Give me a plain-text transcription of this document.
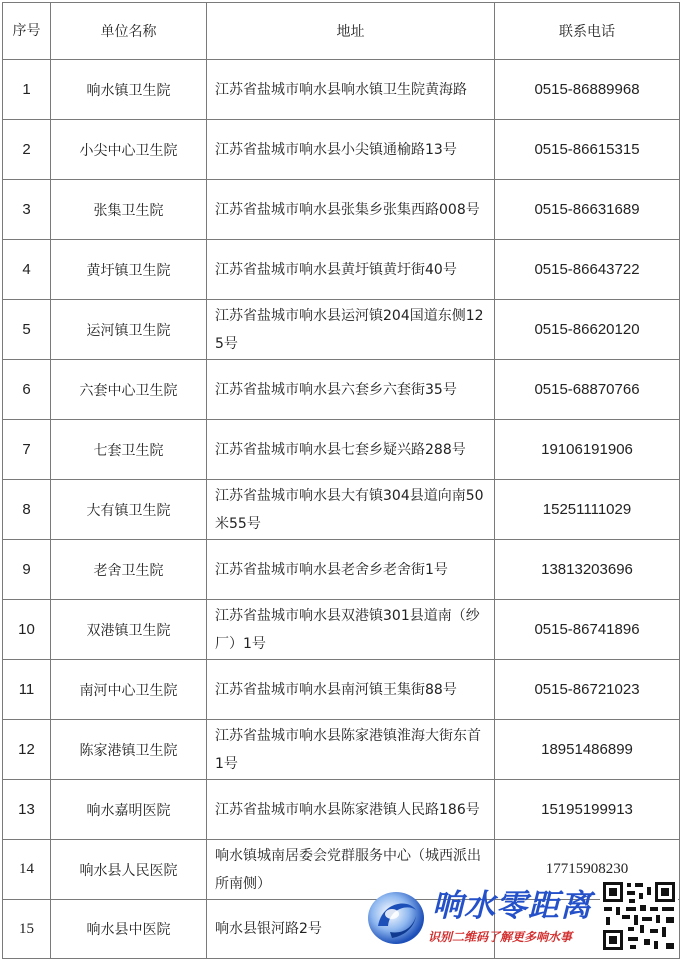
序号	单位名称	地址	联系电话
1	响水镇卫生院	江苏省盐城市响水县响水镇卫生院黄海路	0515-86889968
2	小尖中心卫生院	江苏省盐城市响水县小尖镇通榆路13号	0515-86615315
3	张集卫生院	江苏省盐城市响水县张集乡张集西路008号	0515-86631689
4	黄圩镇卫生院	江苏省盐城市响水县黄圩镇黄圩街40号	0515-86643722
5	运河镇卫生院	江苏省盐城市响水县运河镇204国道东侧125号	0515-86620120
6	六套中心卫生院	江苏省盐城市响水县六套乡六套街35号	0515-68870766
7	七套卫生院	江苏省盐城市响水县七套乡疑兴路288号	19106191906
8	大有镇卫生院	江苏省盐城市响水县大有镇304县道向南50米55号	15251111029
9	老舍卫生院	江苏省盐城市响水县老舍乡老舍街1号	13813203696
10	双港镇卫生院	江苏省盐城市响水县双港镇301县道南（纱厂）1号	0515-86741896
11	南河中心卫生院	江苏省盐城市响水县南河镇王集街88号	0515-86721023
12	陈家港镇卫生院	江苏省盐城市响水县陈家港镇淮海大街东首1号	18951486899
13	响水嘉明医院	江苏省盐城市响水县陈家港镇人民路186号	15195199913
14	响水县人民医院	响水镇城南居委会党群服务中心（城西派出所南侧）	17715908230
15	响水县中医院	响水县银河路2号	
响水零距离
识别二维码了解更多响水事
